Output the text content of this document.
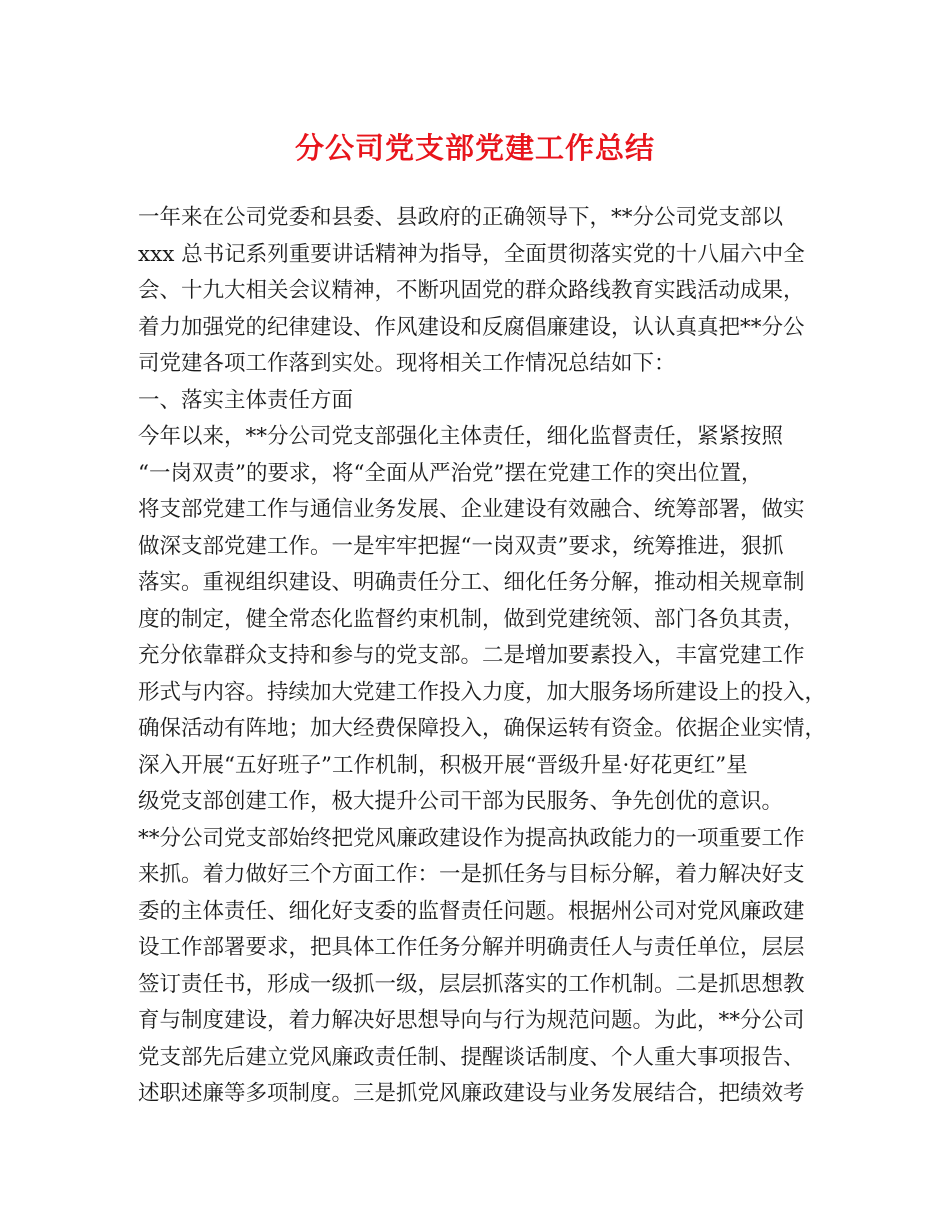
分公司党支部党建工作总结
一年来在公司党委和县委、县政府的正确领导下，**分公司党支部以
xxx 总书记系列重要讲话精神为指导，全面贯彻落实党的十八届六中全
会、十九大相关会议精神，不断巩固党的群众路线教育实践活动成果，
着力加强党的纪律建设、作风建设和反腐倡廉建设，认认真真把**分公
司党建各项工作落到实处。现将相关工作情况总结如下：
一、落实主体责任方面
今年以来，**分公司党支部强化主体责任，细化监督责任，紧紧按照
“一岗双责”的要求，将“全面从严治党”摆在党建工作的突出位置，
将支部党建工作与通信业务发展、企业建设有效融合、统筹部署，做实
做深支部党建工作。一是牢牢把握“一岗双责”要求，统筹推进，狠抓
落实。重视组织建设、明确责任分工、细化任务分解，推动相关规章制
度的制定，健全常态化监督约束机制，做到党建统领、部门各负其责，
充分依靠群众支持和参与的党支部。二是增加要素投入，丰富党建工作
形式与内容。持续加大党建工作投入力度，加大服务场所建设上的投入，
确保活动有阵地；加大经费保障投入，确保运转有资金。依据企业实情，
深入开展“五好班子”工作机制，积极开展“晋级升星·好花更红”星
级党支部创建工作，极大提升公司干部为民服务、争先创优的意识。
**分公司党支部始终把党风廉政建设作为提高执政能力的一项重要工作
来抓。着力做好三个方面工作：一是抓任务与目标分解，着力解决好支
委的主体责任、细化好支委的监督责任问题。根据州公司对党风廉政建
设工作部署要求，把具体工作任务分解并明确责任人与责任单位，层层
签订责任书，形成一级抓一级，层层抓落实的工作机制。二是抓思想教
育与制度建设，着力解决好思想导向与行为规范问题。为此，**分公司
党支部先后建立党风廉政责任制、提醒谈话制度、个人重大事项报告、
述职述廉等多项制度。三是抓党风廉政建设与业务发展结合，把绩效考
